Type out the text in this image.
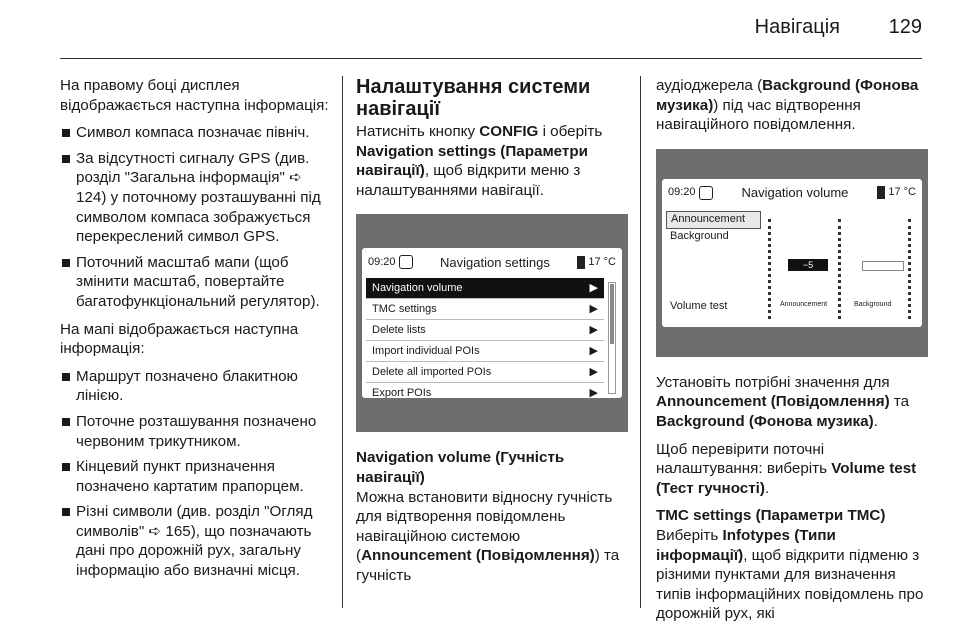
Навігація 129

На правому боці дисплея відображається наступна інформація:

Символ компаса позначає північ.
За відсутності сигналу GPS (див. розділ "Загальна інформація" ➪ 124) у поточному розташуванні під символом компаса зображується перекреслений символ GPS.
Поточний масштаб мапи (щоб змінити масштаб, повертайте багатофункціональний регулятор).

На мапі відображається наступна інформація:

Маршрут позначено блакитною лінією.
Поточне розташування позначено червоним трикутником.
Кінцевий пункт призначення позначено картатим прапорцем.
Різні символи (див. розділ "Огляд символів" ➪ 165), що позначають дані про дорожній рух, загальну інформацію або визначні місця.
Налаштування системи навігації

Натисніть кнопку CONFIG і оберіть Navigation settings (Параметри навігації), щоб відкрити меню з налаштуваннями навігації.

09:20	Navigation settings	17 °C
Navigation volume	▶
TMC settings	▶
Delete lists	▶
Import individual POIs	▶
Delete all imported POIs	▶
Export POIs	▶
Navigation volume (Гучність навігації)

Можна встановити відносну гучність для відтворення повідомлень навігаційною системою (Announcement (Повідомлення)) та гучність

аудіоджерела (Background (Фонова музика)) під час відтворення навігаційного повідомлення.

09:20	Navigation volume	17 °C
Announcement
Background
−5
Volume test	Announcement	Background

Установіть потрібні значення для Announcement (Повідомлення) та Background (Фонова музика).

Щоб перевірити поточні налаштування: виберіть Volume test (Тест гучності).

TMC settings (Параметри TMC)

Виберіть Infotypes (Типи інформації), щоб відкрити підменю з різними пунктами для визначення типів інформаційних повідомлень про дорожній рух, які
